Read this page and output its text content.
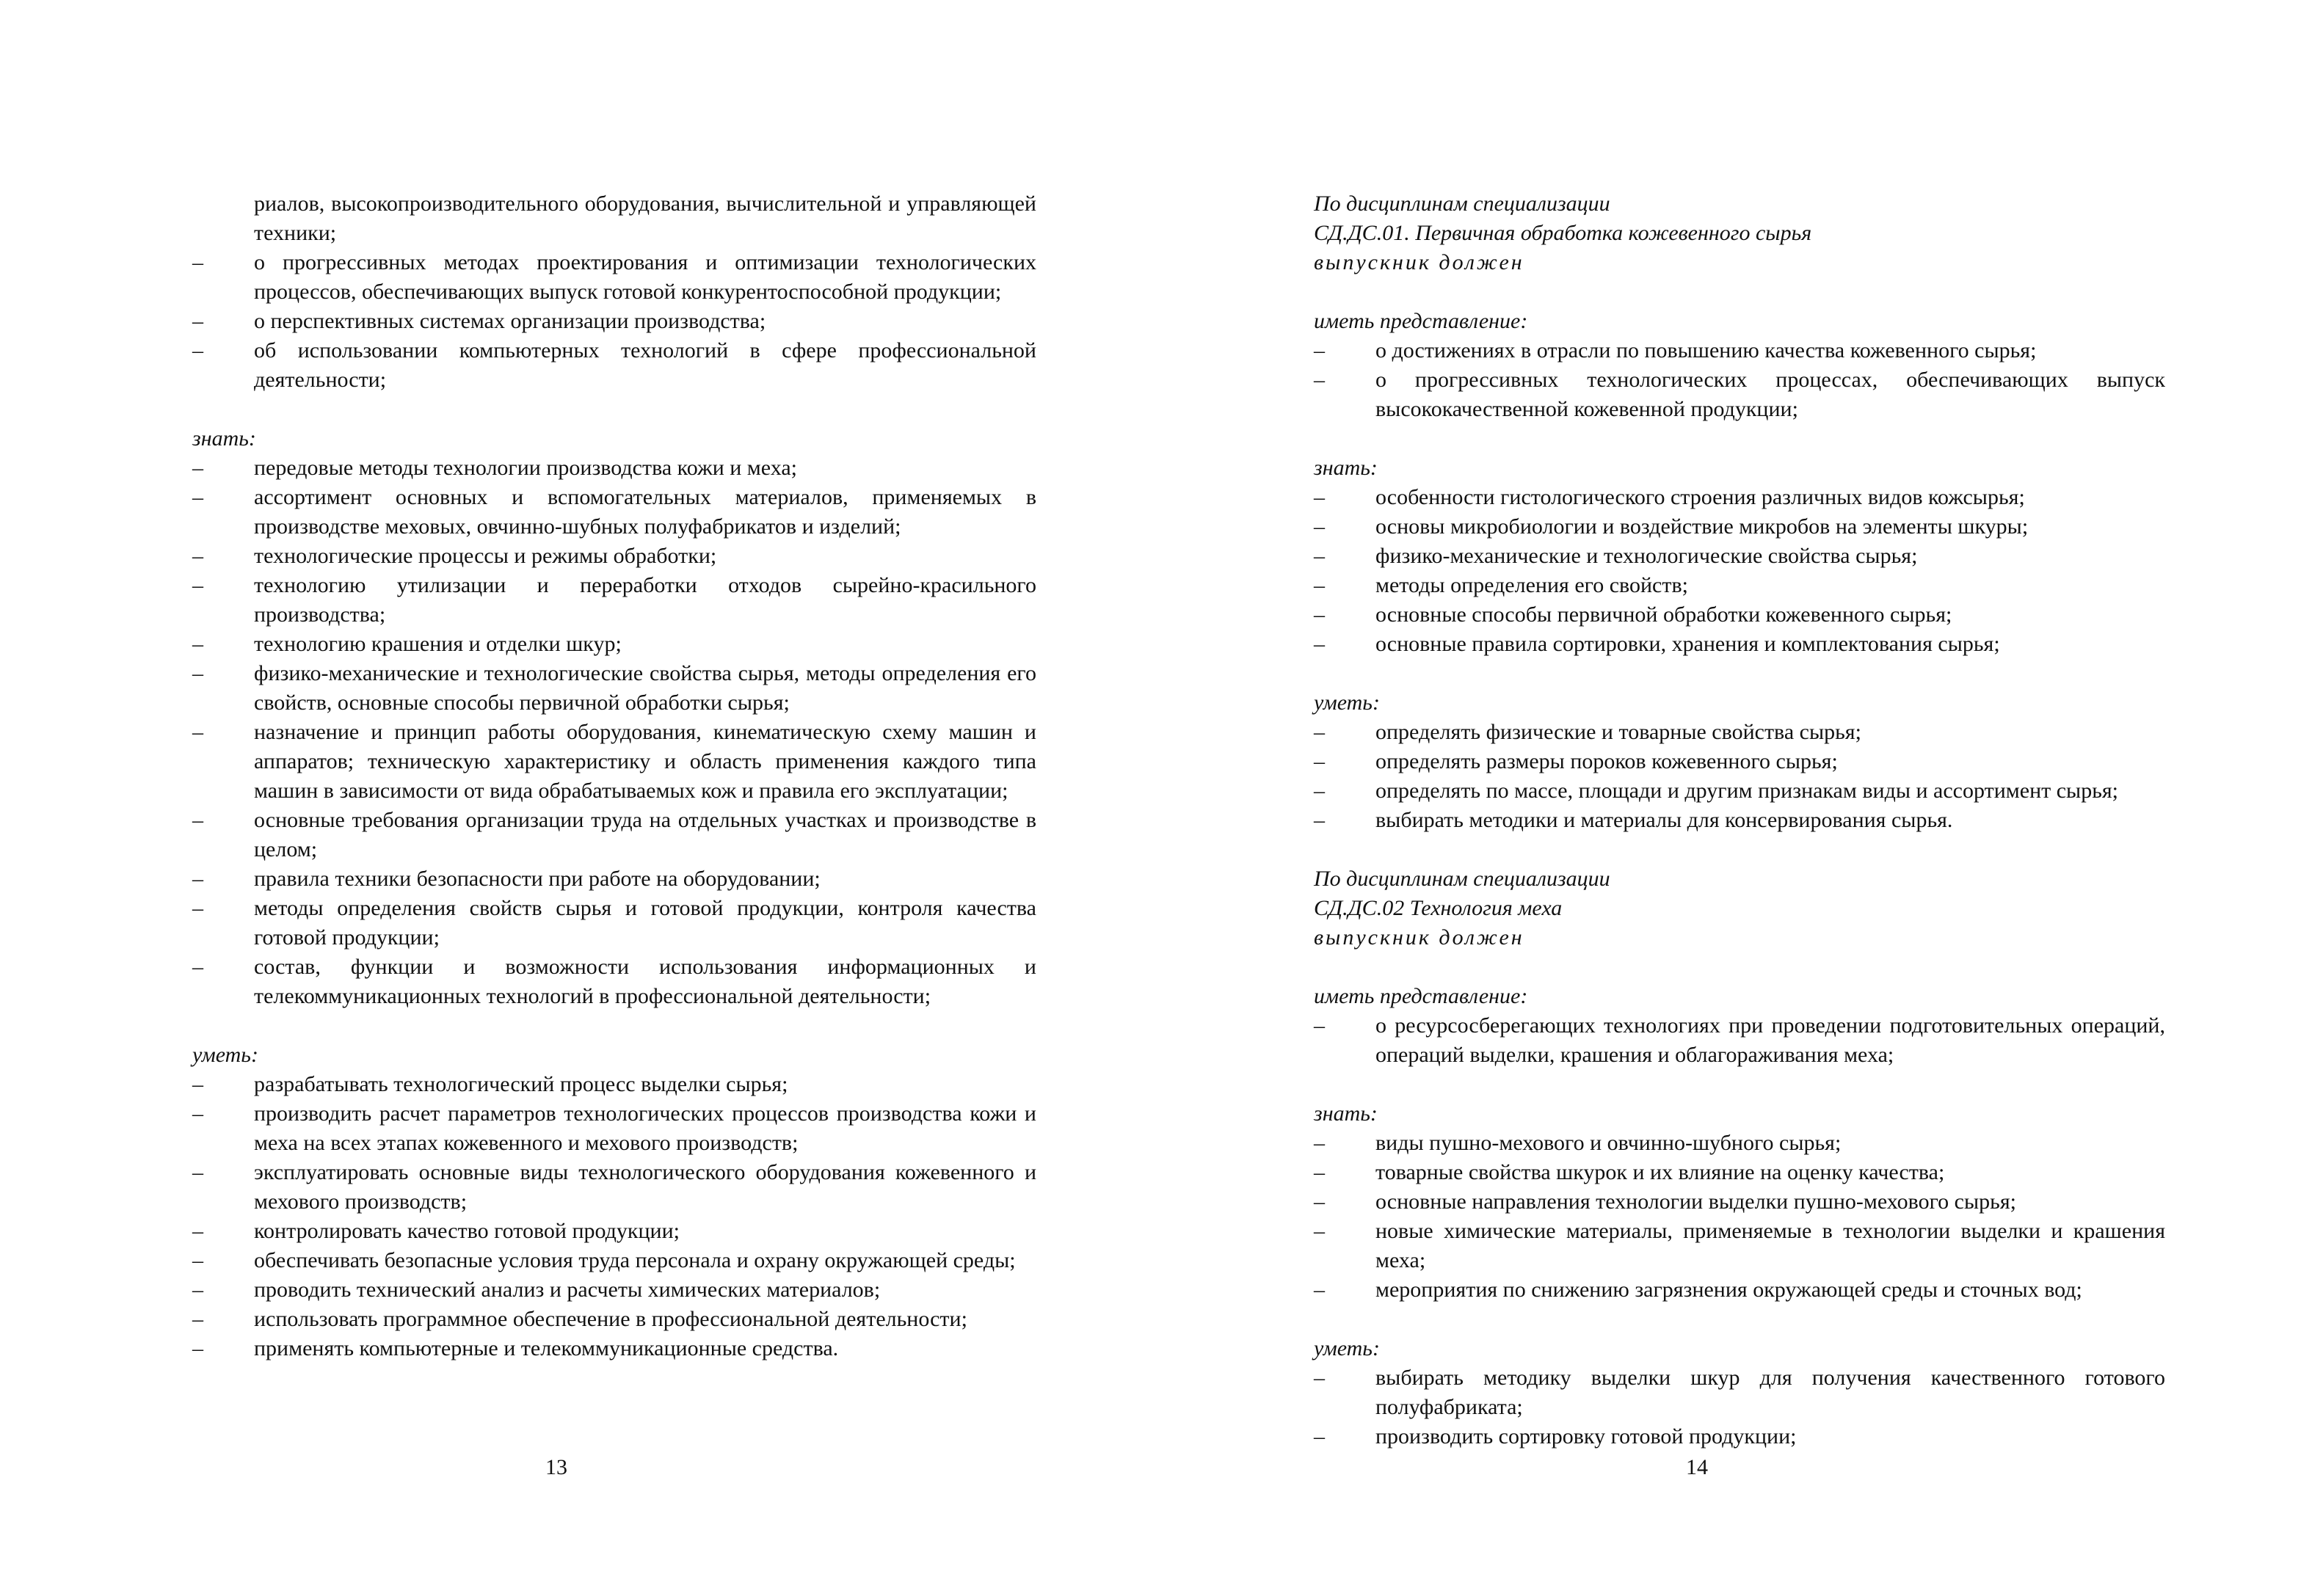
риалов, высокопроизводительного оборудования, вычислительной и управляющей техники;

– о прогрессивных методах проектирования и оптимизации технологических процессов, обеспечивающих выпуск готовой конкурентоспособной продукции;
– о перспективных системах организации производства;
– об использовании компьютерных технологий в сфере профессиональной деятельности;

знать:

– передовые методы технологии производства кожи и меха;
– ассортимент основных и вспомогательных материалов, применяемых в производстве меховых, овчинно-шубных полуфабрикатов и изделий;
– технологические процессы и режимы обработки;
– технологию утилизации и переработки отходов сырейно-красильного производства;
– технологию крашения и отделки шкур;
– физико-механические и технологические свойства сырья, методы определения его свойств, основные способы первичной обработки сырья;
– назначение и принцип работы оборудования, кинематическую схему машин и аппаратов; техническую характеристику и область применения каждого типа машин в зависимости от вида обрабатываемых кож и правила его эксплуатации;
– основные требования организации труда на отдельных участках и производстве в целом;
– правила техники безопасности при работе на оборудовании;
– методы определения свойств сырья и готовой продукции, контроля качества готовой продукции;
– состав, функции и возможности использования информационных и телекоммуникационных технологий в профессиональной деятельности;

уметь:

– разрабатывать технологический процесс выделки сырья;
– производить расчет параметров технологических процессов производства кожи и меха на всех этапах кожевенного и мехового производств;
– эксплуатировать основные виды технологического оборудования кожевенного и мехового производств;
– контролировать качество готовой продукции;
– обеспечивать безопасные условия труда персонала и охрану окружающей среды;
– проводить технический анализ и расчеты химических материалов;
– использовать программное обеспечение в профессиональной деятельности;
– применять компьютерные и телекоммуникационные средства.
13

По дисциплинам специализации

СД.ДС.01. Первичная обработка кожевенного сырья

выпускник должен

иметь представление:

– о достижениях в отрасли по повышению качества кожевенного сырья;
– о прогрессивных технологических процессах, обеспечивающих выпуск высококачественной кожевенной продукции;

знать:

– особенности гистологического строения различных видов кожсырья;
– основы микробиологии и воздействие микробов на элементы шкуры;
– физико-механические и технологические свойства сырья;
– методы определения его свойств;
– основные способы первичной обработки кожевенного сырья;
– основные правила сортировки, хранения и комплектования сырья;

уметь:

– определять физические и товарные свойства сырья;
– определять размеры пороков кожевенного сырья;
– определять по массе, площади и другим признакам виды и ассортимент сырья;
– выбирать методики и материалы для консервирования сырья.

По дисциплинам специализации

СД.ДС.02 Технология меха

выпускник должен

иметь представление:

– о ресурсосберегающих технологиях при проведении подготовительных операций, операций выделки, крашения и облагораживания меха;

знать:

– виды пушно-мехового и овчинно-шубного сырья;
– товарные свойства шкурок и их влияние на оценку качества;
– основные направления технологии выделки пушно-мехового сырья;
– новые химические материалы, применяемые в технологии выделки и крашения меха;
– мероприятия по снижению загрязнения окружающей среды и сточных вод;

уметь:

– выбирать методику выделки шкур для получения качественного готового полуфабриката;
– производить сортировку готовой продукции;
14
